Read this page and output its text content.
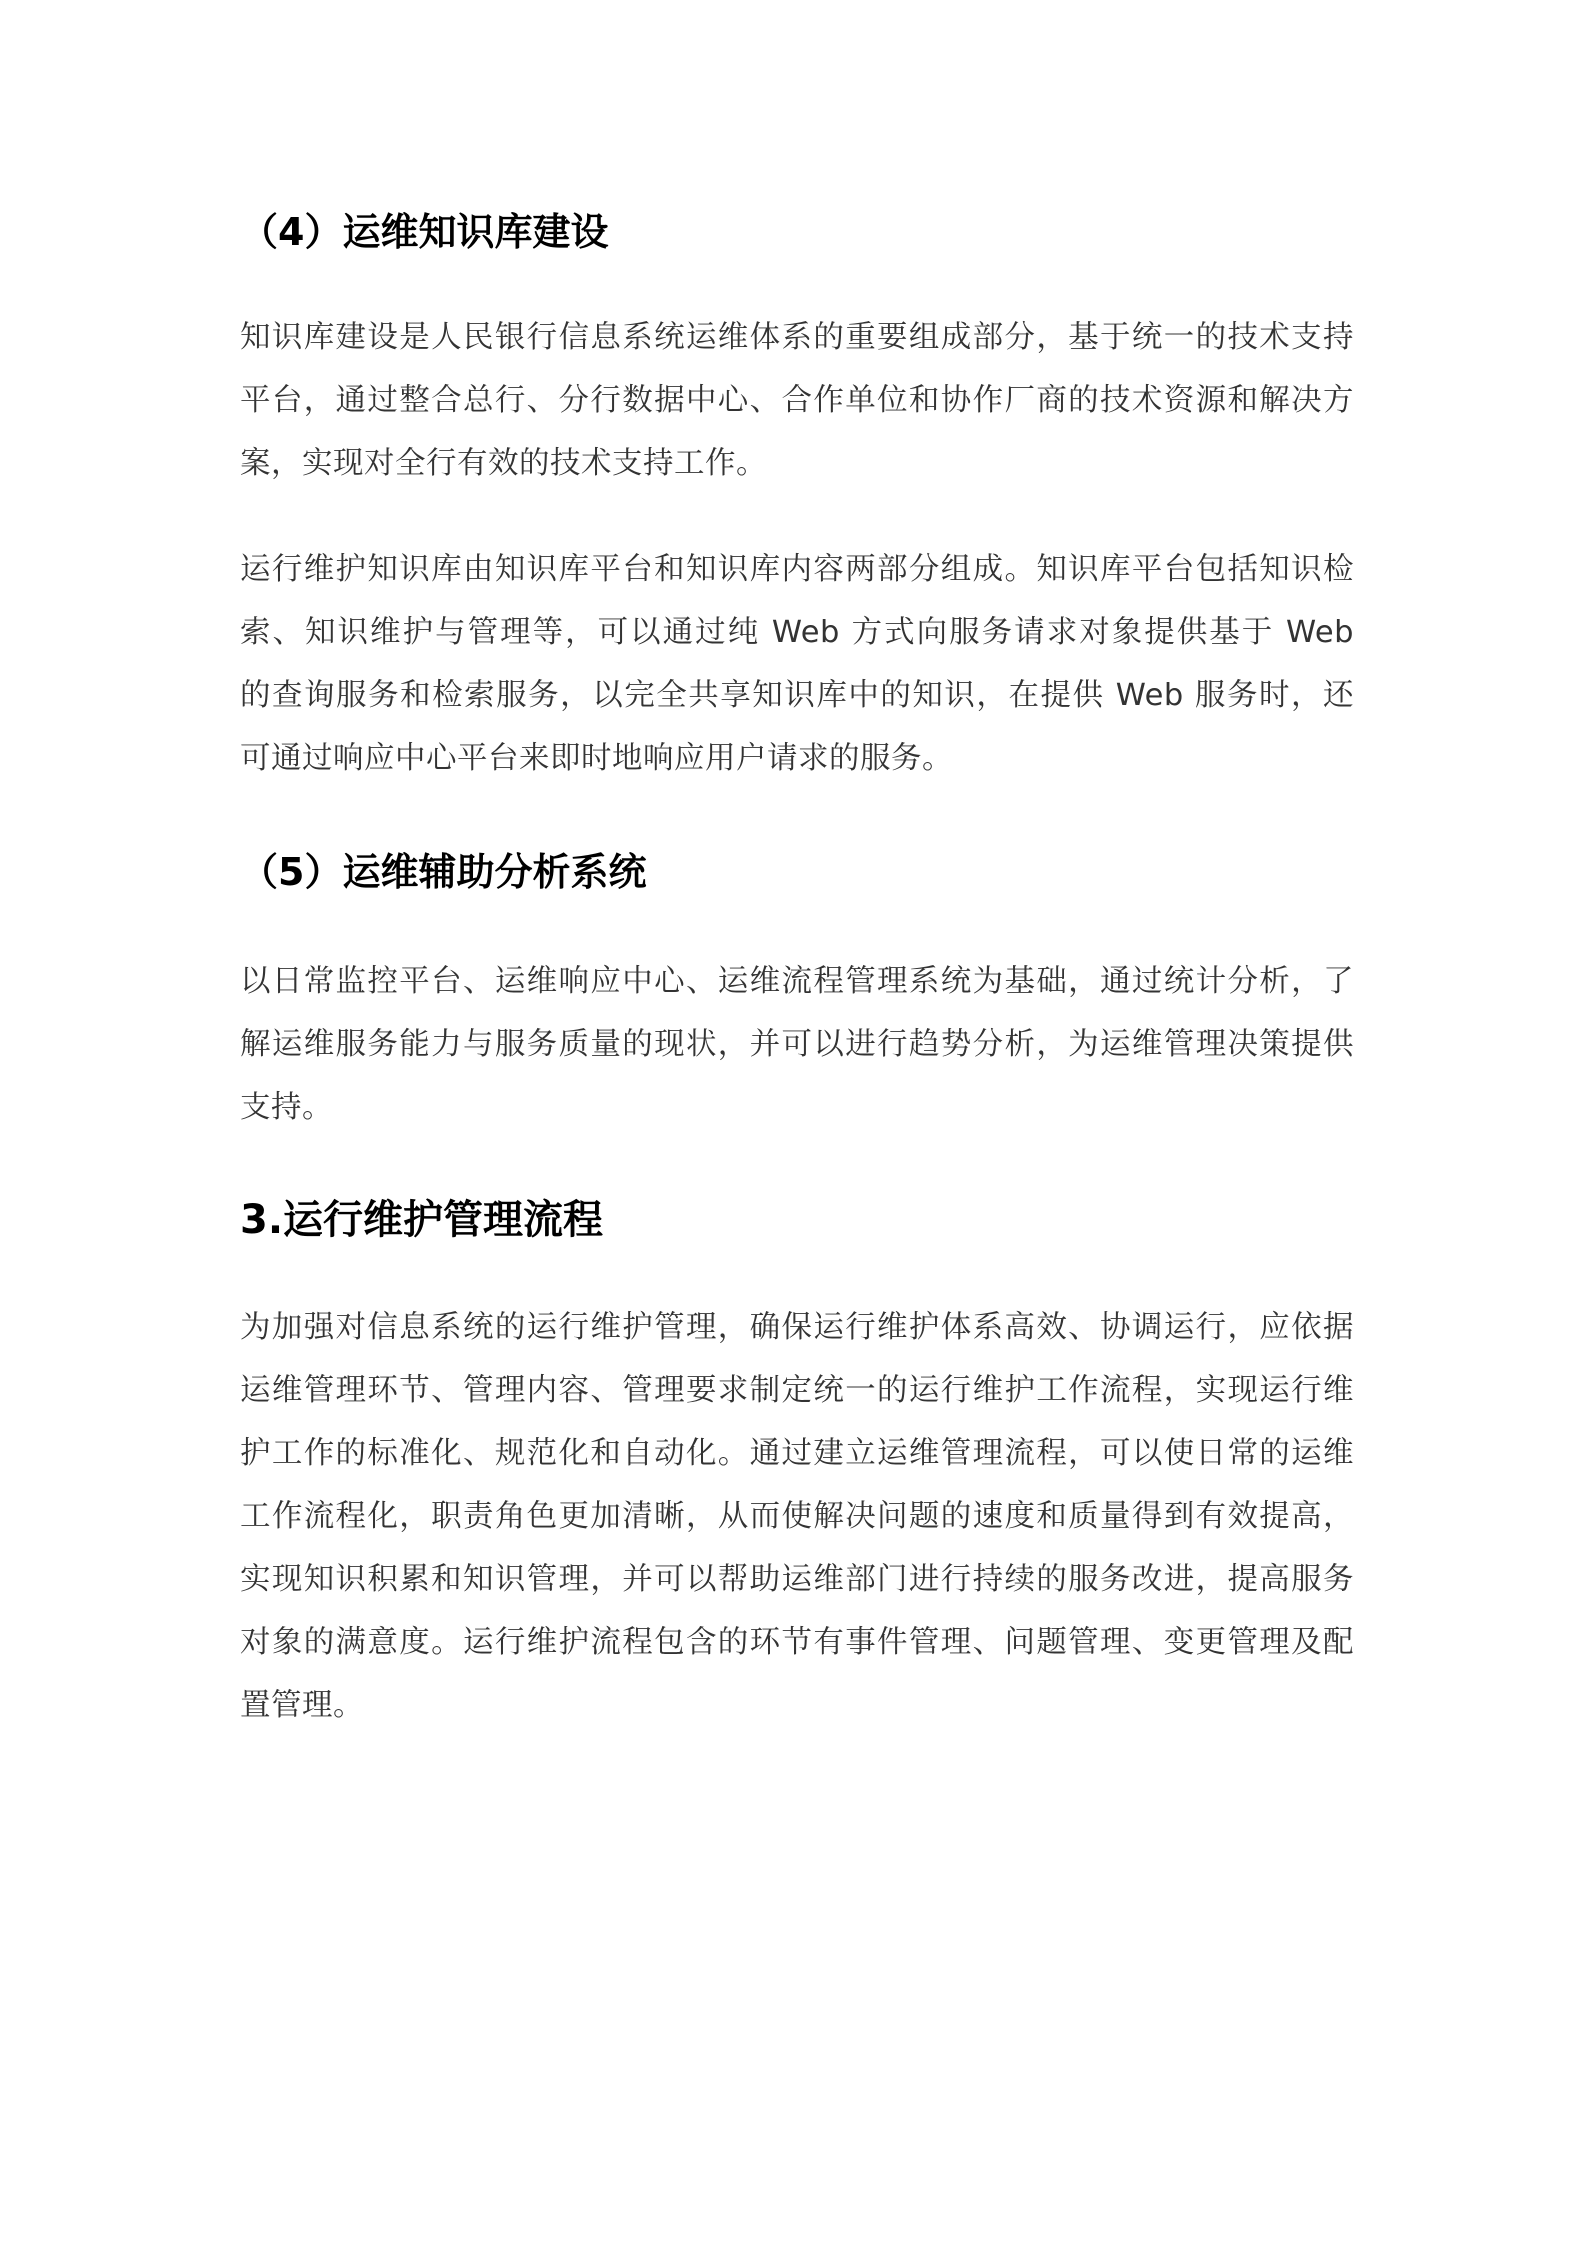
（4）运维知识库建设
知识库建设是人民银行信息系统运维体系的重要组成部分，基于统一的技术支持
平台，通过整合总行、分行数据中心、合作单位和协作厂商的技术资源和解决方
案，实现对全行有效的技术支持工作。
运行维护知识库由知识库平台和知识库内容两部分组成。知识库平台包括知识检
索、知识维护与管理等，可以通过纯 Web 方式向服务请求对象提供基于 Web
的查询服务和检索服务，以完全共享知识库中的知识，在提供 Web 服务时，还
可通过响应中心平台来即时地响应用户请求的服务。
（5）运维辅助分析系统
以日常监控平台、运维响应中心、运维流程管理系统为基础，通过统计分析，了
解运维服务能力与服务质量的现状，并可以进行趋势分析，为运维管理决策提供
支持。
3.运行维护管理流程
为加强对信息系统的运行维护管理，确保运行维护体系高效、协调运行，应依据
运维管理环节、管理内容、管理要求制定统一的运行维护工作流程，实现运行维
护工作的标准化、规范化和自动化。通过建立运维管理流程，可以使日常的运维
工作流程化，职责角色更加清晰，从而使解决问题的速度和质量得到有效提高，
实现知识积累和知识管理，并可以帮助运维部门进行持续的服务改进，提高服务
对象的满意度。运行维护流程包含的环节有事件管理、问题管理、变更管理及配
置管理。
